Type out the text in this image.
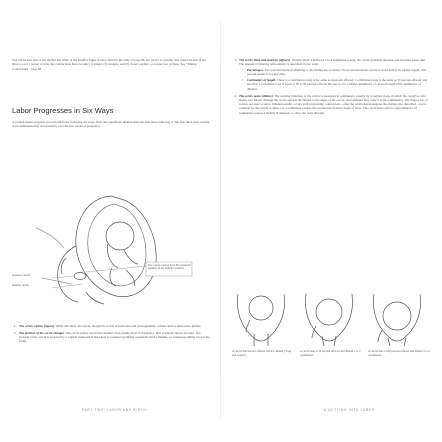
You can be sure that, if the mother has either of the Positive Signs of labor listed in the table on page 88, her cervix is opening. She cannot be sure if her labor is over a period of time, her contractions have become (1) longer, (2) stronger, and (3) closer together, or at least two of these. See "Timing Contractions," page 88.
Labor Progresses in Six Ways
A woman makes progress toward birth in the following six ways. Note that significant dilation does not take place until step 4. The first three steps usually occur simultaneously and gradually over the last weeks of pregnancy.
posterior cervix
anterior cervix
The cervix moves from the posterior position to an anterior position.
1. The cervix softens (ripens). While still thick, the cervix, though the action of hormones and prostaglandins, softens and becomes more pliable.
2. The position of the cervix changes. The cervix points toward the mother's back during most of pregnancy, then gradually moves forward. The position of the cervix is assessed by a vaginal exam and is described as posterior (pointing toward the back), midline, or anterior (pointing toward the front).
PART TWO: LABOR AND BIRTH
3. The cervix thins and shortens (effaces). Usually about 4 inches (2.5 to 4 centimeters) long, the cervix gradually shortens and becomes paper-thin. The amount of thinning (effacement) is described in two ways:
• Percentages. Zero percent means no thinning or shortening has occurred; 50 percent means the cervix is about half of its former length; 100 percent means it is paper-thin.
• Centimeters of length. Three to 4 centimeters long is the same as 0 percent effaced; 2 centimeters long is the same as 50 percent effaced; and less than 1 centimeter long is equal to 90 to 99 percent effaced. Be sure not to confuse centimeters of cervical length with centimeters of dilation.
4. The cervix opens (dilates). The opening (dilation) of the cervix is measured in centimeters, usually by a vaginal exam, in which the caregiver who inserts two fingers through the cervix spreads the fingers to the edges of the cervix, and estimates how wide it is (in centimeters). The fingers are, of course, not exact science. Dilation usually occurs with progressing contractions—after the cervix has undergone the changes just described—but is common for the cervix to dilate 1 to 3 centimeters before the woman has Positive Signs of labor. The cervix must open to approximately 10 centimeters (about 4 inches) in diameter to allow the baby through.
A cervix that has not effaced and not dilated ("long and closed")
A cervix that is 50 percent effaced and dilated 1 to 2 centimeters
A cervix that is 100 percent effaced and dilated 3 to 4 centimeters
6 GETTING INTO LABOR
